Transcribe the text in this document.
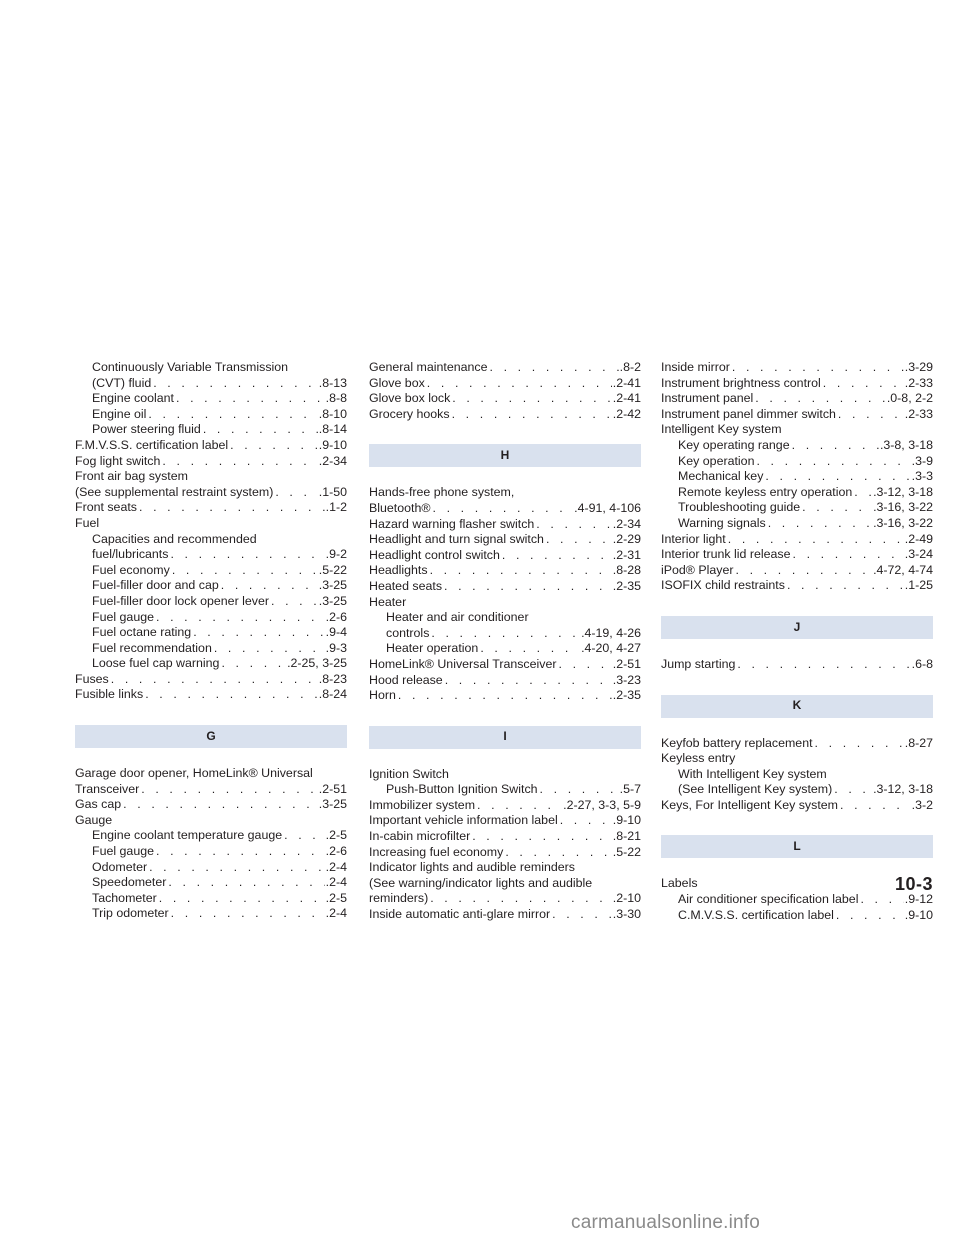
Continuously Variable Transmission
(CVT) fluid . . .	.8-13
Engine coolant . . .	.8-8
Engine oil . . .	.8-10
Power steering fluid . . .	.8-14
F.M.V.S.S. certification label . . .	.9-10
Fog light switch . . .	.2-34
Front air bag system
(See supplemental restraint system) . . .	.1-50
Front seats . . .	.1-2
Fuel
Capacities and recommended
fuel/lubricants . . .	.9-2
Fuel economy . . .	.5-22
Fuel-filler door and cap . . .	.3-25
Fuel-filler door lock opener lever . . .	.3-25
Fuel gauge . . .	.2-6
Fuel octane rating . . .	.9-4
Fuel recommendation . . .	.9-3
Loose fuel cap warning . . .	.2-25, 3-25
Fuses . . .	.8-23
Fusible links . . .	.8-24
G
Garage door opener, HomeLink® Universal
Transceiver . . .	.2-51
Gas cap . . .	.3-25
Gauge
Engine coolant temperature gauge . . .	.2-5
Fuel gauge . . .	.2-6
Odometer . . .	.2-4
Speedometer . . .	.2-4
Tachometer . . .	.2-5
Trip odometer . . .	.2-4
General maintenance . . .	.8-2
Glove box . . .	.2-41
Glove box lock . . .	.2-41
Grocery hooks . . .	.2-42
H
Hands-free phone system,
Bluetooth® . . .	.4-91, 4-106
Hazard warning flasher switch . . .	.2-34
Headlight and turn signal switch . . .	.2-29
Headlight control switch . . .	.2-31
Headlights . . .	.8-28
Heated seats . . .	.2-35
Heater
Heater and air conditioner
controls . . .	.4-19, 4-26
Heater operation . . .	.4-20, 4-27
HomeLink® Universal Transceiver . . .	.2-51
Hood release . . .	.3-23
Horn . . .	.2-35
I
Ignition Switch
Push-Button Ignition Switch . . .	.5-7
Immobilizer system . . .	.2-27, 3-3, 5-9
Important vehicle information label . . .	.9-10
In-cabin microfilter . . .	.8-21
Increasing fuel economy . . .	.5-22
Indicator lights and audible reminders
(See warning/indicator lights and audible
reminders) . . .	.2-10
Inside automatic anti-glare mirror . . .	.3-30
Inside mirror . . .	.3-29
Instrument brightness control . . .	.2-33
Instrument panel . . .	.0-8, 2-2
Instrument panel dimmer switch . . .	.2-33
Intelligent Key system
Key operating range . . .	.3-8, 3-18
Key operation . . .	.3-9
Mechanical key . . .	.3-3
Remote keyless entry operation . . . .3-12, 3-18
Troubleshooting guide . . .	.3-16, 3-22
Warning signals . . .	.3-16, 3-22
Interior light . . .	.2-49
Interior trunk lid release . . .	.3-24
iPod® Player . . .	.4-72, 4-74
ISOFIX child restraints . . .	.1-25
J
Jump starting . . .	.6-8
K
Keyfob battery replacement . . .	.8-27
Keyless entry
With Intelligent Key system
(See Intelligent Key system) . . .	.3-12, 3-18
Keys, For Intelligent Key system . . .	.3-2
L
Labels
Air conditioner specification label . . .	.9-12
C.M.V.S.S. certification label . . .	.9-10
10-3
carmanualsonline.info
